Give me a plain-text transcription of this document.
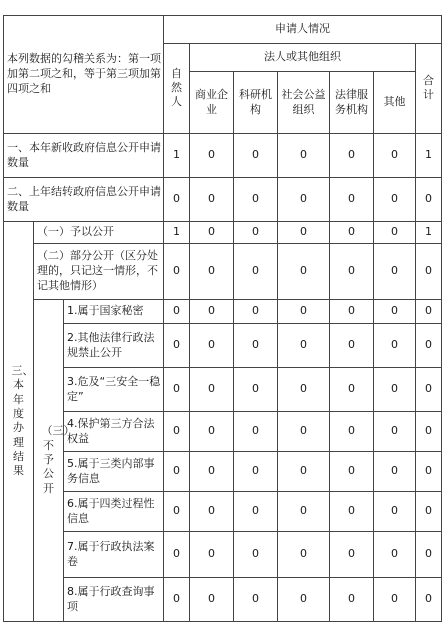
本列数据的勾稽关系为：第一项加第二项之和，等于第三项加第四项之和			申请人情况						
			自然人	法人或其他组织					合计
				商业企业	科研机构	社会公益组织	法律服务机构	其他	
一、本年新收政府信息公开申请数量			1	0	0	0	0	0	1
二、上年结转政府信息公开申请数量			0	0	0	0	0	0	0
三、本年度办理结果	（一）予以公开		1	0	0	0	0	0	1
	（二）部分公开（区分处理的，只记这一情形，不记其他情形）		0	0	0	0	0	0	0
	（三）不予公开	1.属于国家秘密	0	0	0	0	0	0	0
		2.其他法律行政法规禁止公开	0	0	0	0	0	0	0
		3.危及“三安全一稳定”	0	0	0	0	0	0	0
		4.保护第三方合法权益	0	0	0	0	0	0	0
		5.属于三类内部事务信息	0	0	0	0	0	0	0
		6.属于四类过程性信息	0	0	0	0	0	0	0
		7.属于行政执法案卷	0	0	0	0	0	0	0
		8.属于行政查询事项	0	0	0	0	0	0	0
